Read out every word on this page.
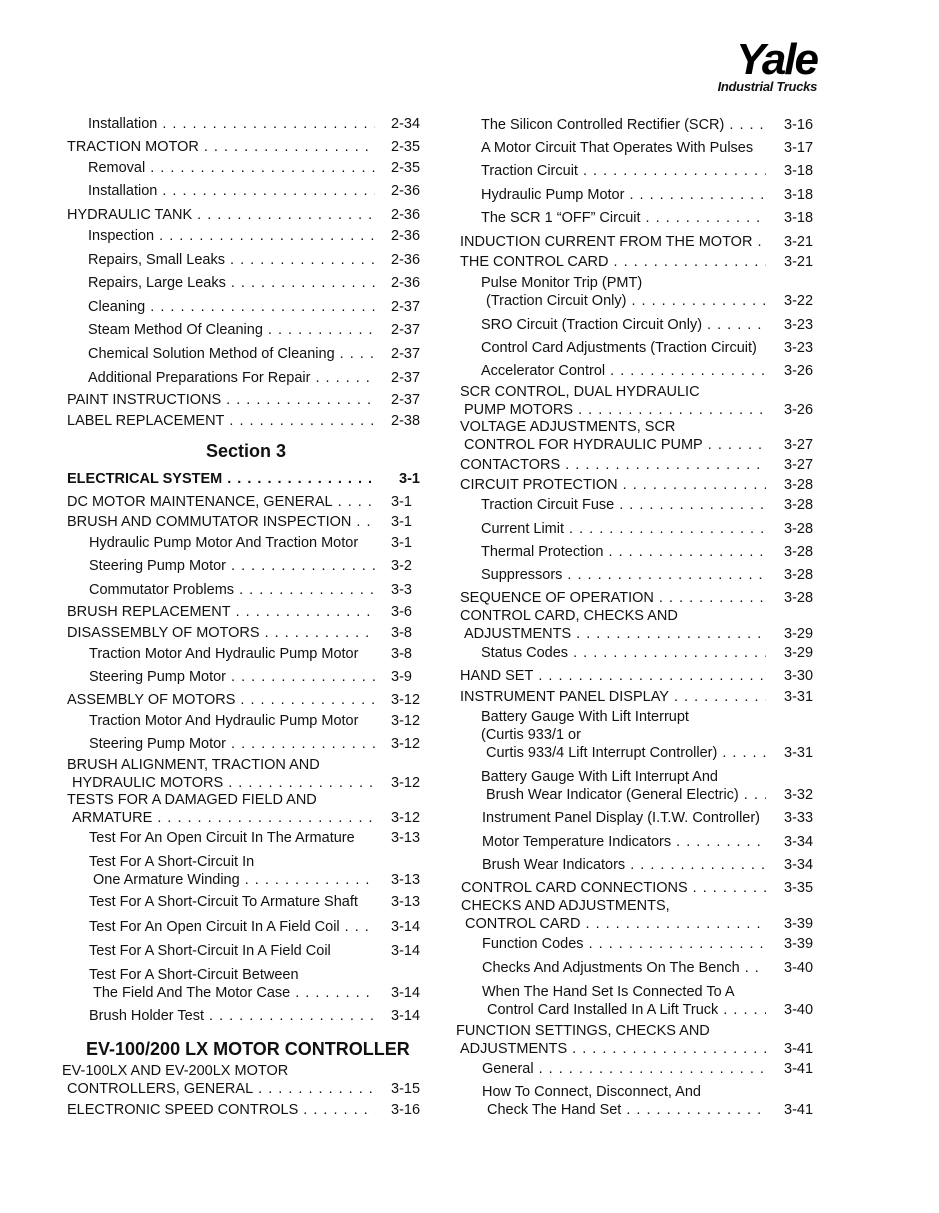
Yale
Industrial Trucks
Installation . . .	2-34
TRACTION MOTOR . . .	2-35
Removal . . .	2-35
Installation . . .	2-36
HYDRAULIC TANK . . .	2-36
Inspection . . .	2-36
Repairs, Small Leaks . . .	2-36
Repairs, Large Leaks . . .	2-36
Cleaning . . .	2-37
Steam Method Of Cleaning . . .	2-37
Chemical Solution Method of Cleaning . . .	2-37
Additional Preparations For Repair . . .	2-37
PAINT INSTRUCTIONS . . .	2-37
LABEL REPLACEMENT . . .	2-38
ELECTRICAL SYSTEM . . .	3-1
DC MOTOR MAINTENANCE, GENERAL . . .	3-1
BRUSH AND COMMUTATOR INSPECTION . . .	3-1
Hydraulic Pump Motor And Traction Motor	3-1
Steering Pump Motor . . .	3-2
Commutator Problems . . .	3-3
BRUSH REPLACEMENT . . .	3-6
DISASSEMBLY OF MOTORS . . .	3-8
Traction Motor And Hydraulic Pump Motor	3-8
Steering Pump Motor . . .	3-9
ASSEMBLY OF MOTORS . . .	3-12
Traction Motor And Hydraulic Pump Motor	3-12
Steering Pump Motor . . .	3-12
BRUSH ALIGNMENT, TRACTION AND
HYDRAULIC MOTORS . . .	3-12
TESTS FOR A DAMAGED FIELD AND
ARMATURE . . .	3-12
Test For An Open Circuit In The Armature	3-13
Test For A Short-Circuit In
One Armature Winding . . .	3-13
Test For A Short-Circuit To Armature Shaft	3-13
Test For An Open Circuit In A Field Coil . . .	3-14
Test For A Short-Circuit In A Field Coil	3-14
Test For A Short-Circuit Between
The Field And The Motor Case . . .	3-14
Brush Holder Test . . .	3-14
EV-100LX AND EV-200LX MOTOR
CONTROLLERS, GENERAL . . .	3-15
ELECTRONIC SPEED CONTROLS . . .	3-16
Section 3
EV-100/200 LX MOTOR CONTROLLER
The Silicon Controlled Rectifier (SCR) . . .	3-16
A Motor Circuit That Operates With Pulses	3-17
Traction Circuit . . .	3-18
Hydraulic Pump Motor . . .	3-18
The SCR 1 “OFF” Circuit . . .	3-18
INDUCTION CURRENT FROM THE MOTOR . . .	3-21
THE CONTROL CARD . . .	3-21
Pulse Monitor Trip (PMT)
(Traction Circuit Only) . . .	3-22
SRO Circuit (Traction Circuit Only) . . .	3-23
Control Card Adjustments (Traction Circuit)	3-23
Accelerator Control . . .	3-26
SCR CONTROL, DUAL HYDRAULIC
PUMP MOTORS . . .	3-26
VOLTAGE ADJUSTMENTS, SCR
CONTROL FOR HYDRAULIC PUMP . . .	3-27
CONTACTORS . . .	3-27
CIRCUIT PROTECTION . . .	3-28
Traction Circuit Fuse . . .	3-28
Current Limit . . .	3-28
Thermal Protection . . .	3-28
Suppressors . . .	3-28
SEQUENCE OF OPERATION . . .	3-28
CONTROL CARD, CHECKS AND
ADJUSTMENTS . . .	3-29
Status Codes . . .	3-29
HAND SET . . .	3-30
INSTRUMENT PANEL DISPLAY . . .	3-31
Battery Gauge With Lift Interrupt
(Curtis 933/1 or
Curtis 933/4 Lift Interrupt Controller) . . .	3-31
Battery Gauge With Lift Interrupt And
Brush Wear Indicator (General Electric) . . .	3-32
Instrument Panel Display (I.T.W. Controller)	3-33
Motor Temperature Indicators . . .	3-34
Brush Wear Indicators . . .	3-34
CONTROL CARD CONNECTIONS . . .	3-35
CHECKS AND ADJUSTMENTS,
CONTROL CARD . . .	3-39
Function Codes . . .	3-39
Checks And Adjustments On The Bench . . .	3-40
When The Hand Set Is Connected To A
Control Card Installed In A Lift Truck . . .	3-40
FUNCTION SETTINGS, CHECKS AND
ADJUSTMENTS . . .	3-41
General . . .	3-41
How To Connect, Disconnect, And
Check The Hand Set . . .	3-41
